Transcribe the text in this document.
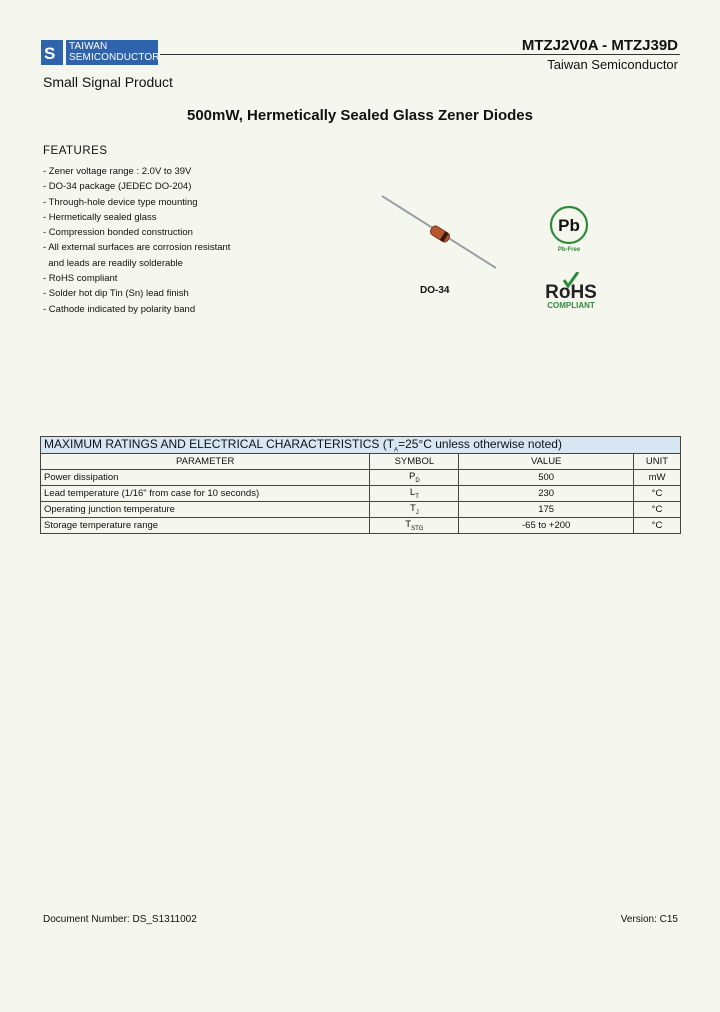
S	TAIWAN
SEMICONDUCTOR
MTZJ2V0A - MTZJ39D
Taiwan Semiconductor
Small Signal Product
500mW, Hermetically Sealed Glass Zener Diodes
FEATURES
- Zener voltage range : 2.0V to 39V
- DO-34 package (JEDEC DO-204)
- Through-hole device type mounting
- Hermetically sealed glass
- Compression bonded construction
- All external surfaces are corrosion resistant
and leads are readily solderable
- RoHS compliant
- Solder hot dip Tin (Sn) lead finish
- Cathode indicated by polarity band
DO-34
Pb
Pb-Free
RoHS
COMPLIANT
MAXIMUM RATINGS AND ELECTRICAL CHARACTERISTICS ($T_A=25^\circ C$ unless otherwise noted)			
PARAMETER	SYMBOL	VALUE	UNIT
Power dissipation	$P_D$	500	mW
Lead temperature (1/16" from case for 10 seconds)	$L_T$	230	°C
Operating junction temperature	$T_J$	175	°C
Storage temperature range	$T_{STG}$	-65 to +200	°C
Document Number: DS_S1311002	Version: C15
